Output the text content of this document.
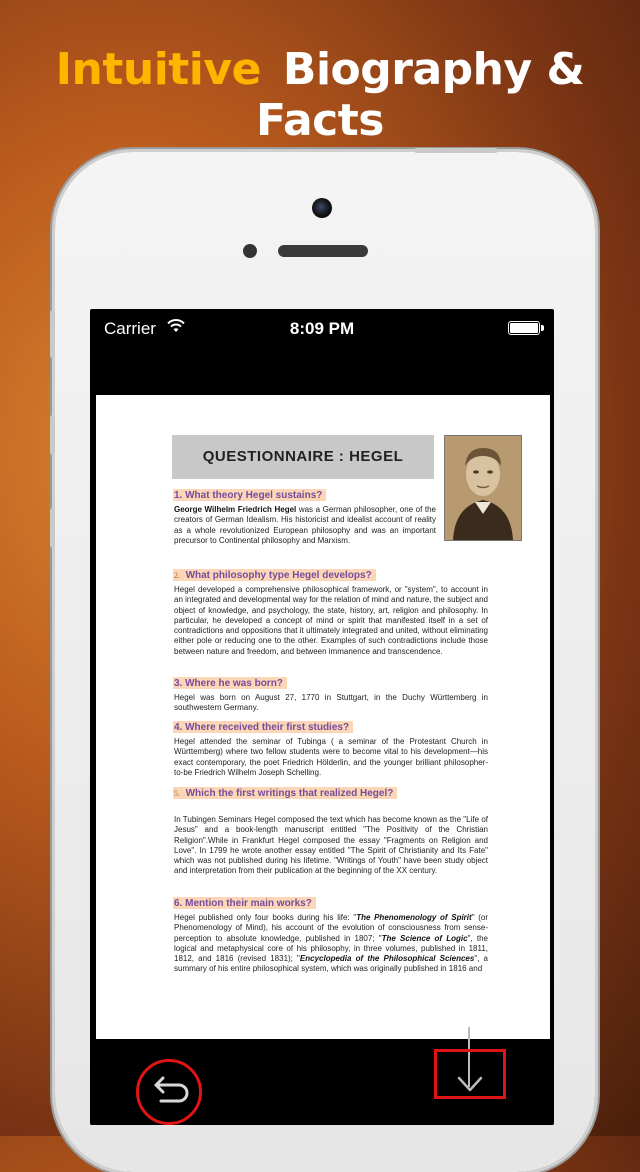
Intuitive Biography & Facts
Carrier	8:09 PM
QUESTIONNAIRE : HEGEL
1. What theory Hegel sustains?
George Wilhelm Friedrich Hegel was a German philosopher, one of the creators of German Idealism. His historicist and idealist account of reality as a whole revolutionized European philosophy and was an important precursor to Continental philosophy and Marxism.
2. What philosophy type Hegel develops?
Hegel developed a comprehensive philosophical framework, or "system", to account in an integrated and developmental way for the relation of mind and nature, the subject and object of knowledge, and psychology, the state, history, art, religion and philosophy. In particular, he developed a concept of mind or spirit that manifested itself in a set of contradictions and oppositions that it ultimately integrated and united, without eliminating either pole or reducing one to the other. Examples of such contradictions include those between nature and freedom, and between immanence and transcendence.
3. Where he was born?
Hegel was born on August 27, 1770 in Stuttgart, in the Duchy Württemberg in southwestern Germany.
4. Where received their first studies?
Hegel attended the seminar of Tubinga ( a seminar of the Protestant Church in Württemberg) where two fellow students were to become vital to his development—his exact contemporary, the poet Friedrich Hölderlin, and the younger brilliant philosopher-to-be Friedrich Wilhelm Joseph Schelling.
5. Which the first writings that realized Hegel?
In Tubingen Seminars Hegel composed the text which has become known as the "Life of Jesus" and a book-length manuscript entitled "The Positivity of the Christian Religion".While in Frankfurt Hegel composed the essay "Fragments on Religion and Love". In 1799 he wrote another essay entitled "The Spirit of Christianity and Its Fate" which was not published during his lifetime. "Writings of Youth" have been study object and interpretation from their publication at the beginning of the XX century.
6. Mention their main works?
Hegel published only four books during his life: "The Phenomenology of Spirit" (or Phenomenology of Mind), his account of the evolution of consciousness from sense-perception to absolute knowledge, published in 1807; "The Science of Logic", the logical and metaphysical core of his philosophy, in three volumes, published in 1811, 1812, and 1816 (revised 1831); "Encyclopedia of the Philosophical Sciences", a summary of his entire philosophical system, which was originally published in 1816 and
